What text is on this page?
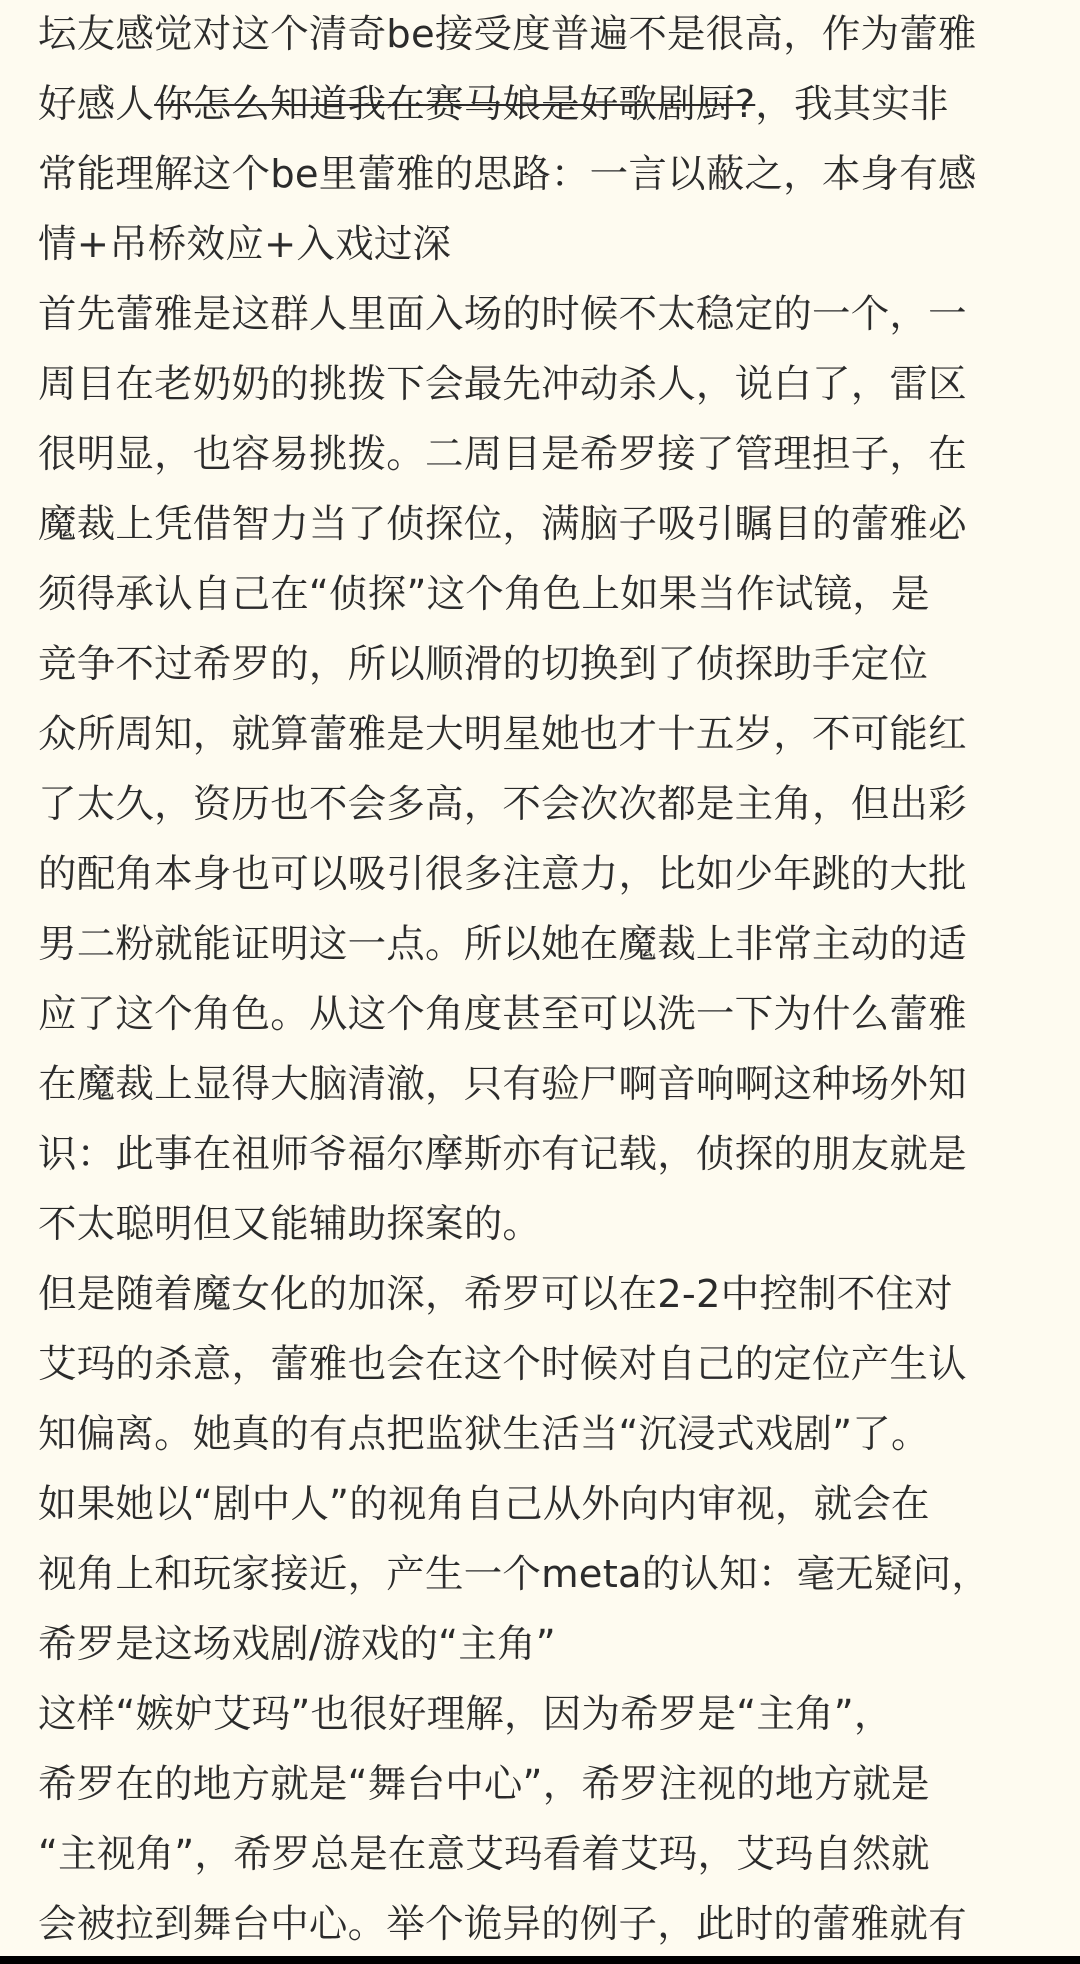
坛友感觉对这个清奇be接受度普遍不是很高，作为蕾雅
好感人你怎么知道我在赛马娘是好歌剧厨?，我其实非
常能理解这个be里蕾雅的思路：一言以蔽之，本身有感
情+吊桥效应+入戏过深
首先蕾雅是这群人里面入场的时候不太稳定的一个，一
周目在老奶奶的挑拨下会最先冲动杀人，说白了，雷区
很明显，也容易挑拨。二周目是希罗接了管理担子，在
魔裁上凭借智力当了侦探位，满脑子吸引瞩目的蕾雅必
须得承认自己在“侦探”这个角色上如果当作试镜，是
竞争不过希罗的，所以顺滑的切换到了侦探助手定位
众所周知，就算蕾雅是大明星她也才十五岁，不可能红
了太久，资历也不会多高，不会次次都是主角，但出彩
的配角本身也可以吸引很多注意力，比如少年跳的大批
男二粉就能证明这一点。所以她在魔裁上非常主动的适
应了这个角色。从这个角度甚至可以洗一下为什么蕾雅
在魔裁上显得大脑清澈，只有验尸啊音响啊这种场外知
识：此事在祖师爷福尔摩斯亦有记载，侦探的朋友就是
不太聪明但又能辅助探案的。
但是随着魔女化的加深，希罗可以在2-2中控制不住对
艾玛的杀意，蕾雅也会在这个时候对自己的定位产生认
知偏离。她真的有点把监狱生活当“沉浸式戏剧”了。
如果她以“剧中人”的视角自己从外向内审视，就会在
视角上和玩家接近，产生一个meta的认知：毫无疑问，
希罗是这场戏剧/游戏的“主角”
这样“嫉妒艾玛”也很好理解，因为希罗是“主角”，
希罗在的地方就是“舞台中心”，希罗注视的地方就是
“主视角”，希罗总是在意艾玛看着艾玛，艾玛自然就
会被拉到舞台中心。举个诡异的例子，此时的蕾雅就有
